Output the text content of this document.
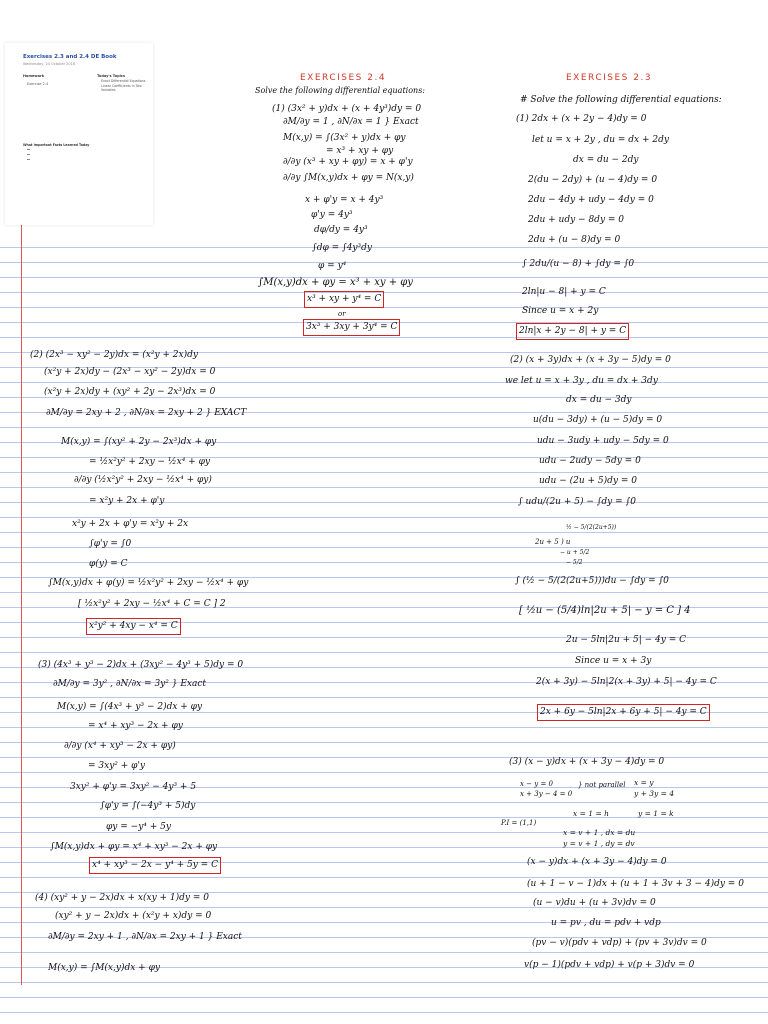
Exercises 2.3 and 2.4 DE Book
Wednesday, 24 October 2018
Homework
Exercise 2.4
Today's Topics
Exact Differential Equations
Linear Coefficients in Two Variables
What Important Facts Learned Today
EXERCISES 2.4
Solve the following differential equations:
(1) (3x² + y)dx + (x + 4y³)dy = 0
∂M/∂y = 1 , ∂N/∂x = 1 } Exact
M(x,y) = ∫(3x² + y)dx + φy
= x³ + xy + φy
∂/∂y (x³ + xy + φy) = x + φ'y
∂/∂y ∫M(x,y)dx + φy = N(x,y)
x + φ'y = x + 4y³
φ'y = 4y³
dφ/dy = 4y³
∫dφ = ∫4y³dy
φ = y⁴
∫M(x,y)dx + φy = x³ + xy + φy
x³ + xy + y⁴ = C
or
3x³ + 3xy + 3y⁴ = C
(2) (2x³ − xy² − 2y)dx = (x²y + 2x)dy
(x²y + 2x)dy − (2x³ − xy² − 2y)dx = 0
(x²y + 2x)dy + (xy² + 2y − 2x³)dx = 0
∂M/∂y = 2xy + 2 , ∂N/∂x = 2xy + 2 } EXACT
M(x,y) = ∫(xy² + 2y − 2x³)dx + φy
= ½x²y² + 2xy − ½x⁴ + φy
∂/∂y (½x²y² + 2xy − ½x⁴ + φy)
= x²y + 2x + φ'y
x²y + 2x + φ'y = x²y + 2x
∫φ'y = ∫0
φ(y) = C
∫M(x,y)dx + φ(y) = ½x²y² + 2xy − ½x⁴ + φy
[ ½x²y² + 2xy − ½x⁴ + C = C ] 2
x²y² + 4xy − x⁴ = C
(3) (4x³ + y³ − 2)dx + (3xy² − 4y³ + 5)dy = 0
∂M/∂y = 3y² , ∂N/∂x = 3y² } Exact
M(x,y) = ∫(4x³ + y³ − 2)dx + φy
= x⁴ + xy³ − 2x + φy
∂/∂y (x⁴ + xy³ − 2x + φy)
= 3xy² + φ'y
3xy² + φ'y = 3xy² − 4y³ + 5
∫φ'y = ∫(−4y³ + 5)dy
φy = −y⁴ + 5y
∫M(x,y)dx + φy = x⁴ + xy³ − 2x + φy
x⁴ + xy³ − 2x − y⁴ + 5y = C
(4) (xy² + y − 2x)dx + x(xy + 1)dy = 0
(xy² + y − 2x)dx + (x²y + x)dy = 0
∂M/∂y = 2xy + 1 , ∂N/∂x = 2xy + 1 } Exact
M(x,y) = ∫M(x,y)dx + φy
EXERCISES 2.3
# Solve the following differential equations:
(1) 2dx + (x + 2y − 4)dy = 0
let u = x + 2y , du = dx + 2dy
dx = du − 2dy
2(du − 2dy) + (u − 4)dy = 0
2du − 4dy + udy − 4dy = 0
2du + udy − 8dy = 0
2du + (u − 8)dy = 0
∫ 2du/(u − 8) + ∫dy = ∫0
2ln|u − 8| + y = C
Since u = x + 2y
2ln|x + 2y − 8| + y = C
(2) (x + 3y)dx + (x + 3y − 5)dy = 0
we let u = x + 3y , du = dx + 3dy
dx = du − 3dy
u(du − 3dy) + (u − 5)dy = 0
udu − 3udy + udy − 5dy = 0
udu − 2udy − 5dy = 0
udu − (2u + 5)dy = 0
∫ udu/(2u + 5) − ∫dy = ∫0
½ − 5/(2(2u+5))
2u + 5 ) u
− u + 5/2
− 5/2
∫ (½ − 5/(2(2u+5)))du − ∫dy = ∫0
[ ½u − (5/4)ln|2u + 5| − y = C ] 4
2u − 5ln|2u + 5| − 4y = C
Since u = x + 3y
2(x + 3y) − 5ln|2(x + 3y) + 5| − 4y = C
2x + 6y − 5ln|2x + 6y + 5| − 4y = C
(3) (x − y)dx + (x + 3y − 4)dy = 0
x − y = 0
x + 3y − 4 = 0
} not parallel x = y
y + 3y = 4
x = 1 = h	y = 1 = k
P.I = (1,1)
x = v + 1 , dx = du
y = v + 1 , dy = dv
(x − y)dx + (x + 3y − 4)dy = 0
(u + 1 − v − 1)dx + (u + 1 + 3v + 3 − 4)dy = 0
(u − v)du + (u + 3v)dv = 0
u = pv , du = pdv + vdp
(pv − v)(pdv + vdp) + (pv + 3v)dv = 0
v(p − 1)(pdv + vdp) + v(p + 3)dv = 0
